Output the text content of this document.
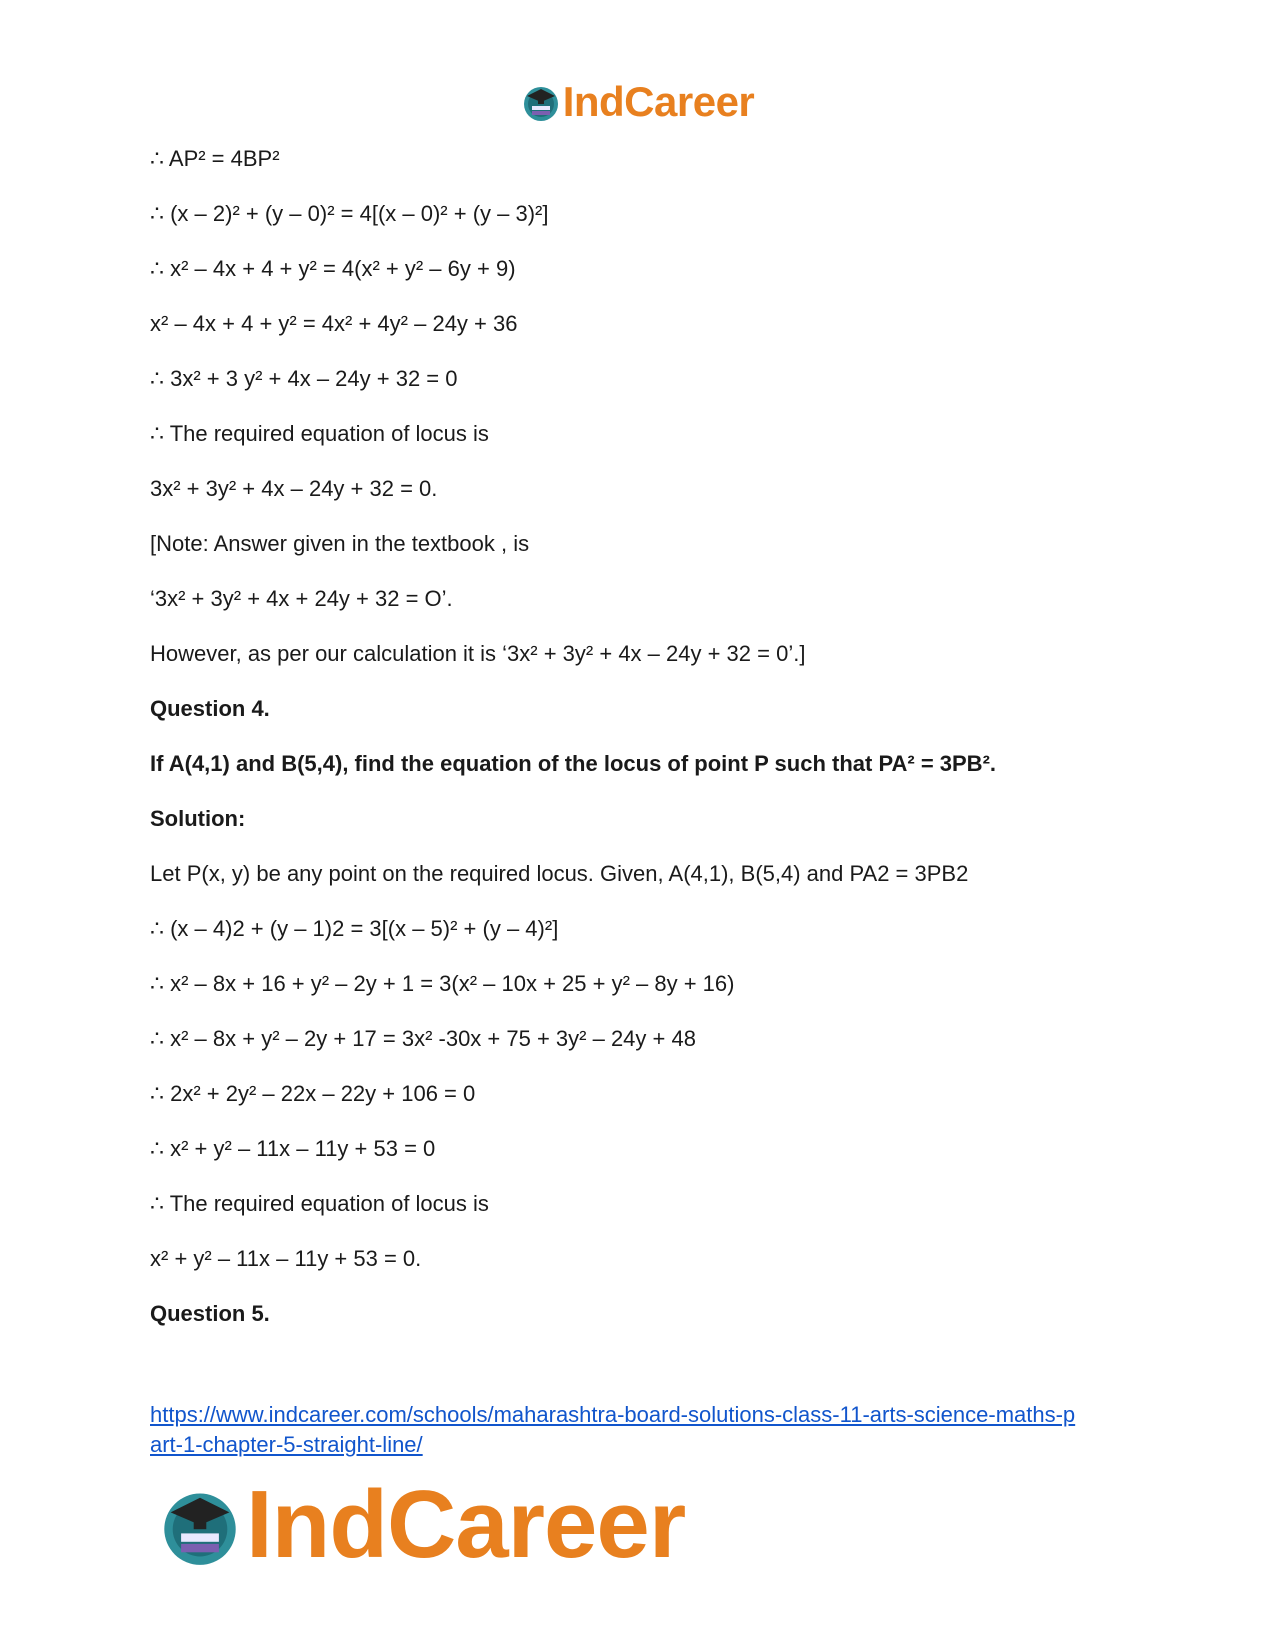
IndCareer
∴ AP² = 4BP²
∴ (x – 2)² + (y – 0)² = 4[(x – 0)² + (y – 3)²]
∴ x² – 4x + 4 + y² = 4(x² + y² – 6y + 9)
x² – 4x + 4 + y² = 4x² + 4y² – 24y + 36
∴ 3x² + 3 y² + 4x – 24y + 32 = 0
∴ The required equation of locus is
3x² + 3y² + 4x – 24y + 32 = 0.
[Note: Answer given in the textbook , is
‘3x² + 3y² + 4x + 24y + 32 = O’.
However, as per our calculation it is ‘3x² + 3y² + 4x – 24y + 32 = 0’.]
Question 4.
If A(4,1) and B(5,4), find the equation of the locus of point P such that PA² = 3PB².
Solution:
Let P(x, y) be any point on the required locus. Given, A(4,1), B(5,4) and PA2 = 3PB2
∴ (x – 4)2 + (y – 1)2 = 3[(x – 5)² + (y – 4)²]
∴ x² – 8x + 16 + y² – 2y + 1 = 3(x² – 10x + 25 + y² – 8y + 16)
∴ x² – 8x + y² – 2y + 17 = 3x² -30x + 75 + 3y² – 24y + 48
∴ 2x² + 2y² – 22x – 22y + 106 = 0
∴ x² + y² – 11x – 11y + 53 = 0
∴ The required equation of locus is
x² + y² – 11x – 11y + 53 = 0.
Question 5.
https://www.indcareer.com/schools/maharashtra-board-solutions-class-11-arts-science-maths-p
art-1-chapter-5-straight-line/
IndCareer
